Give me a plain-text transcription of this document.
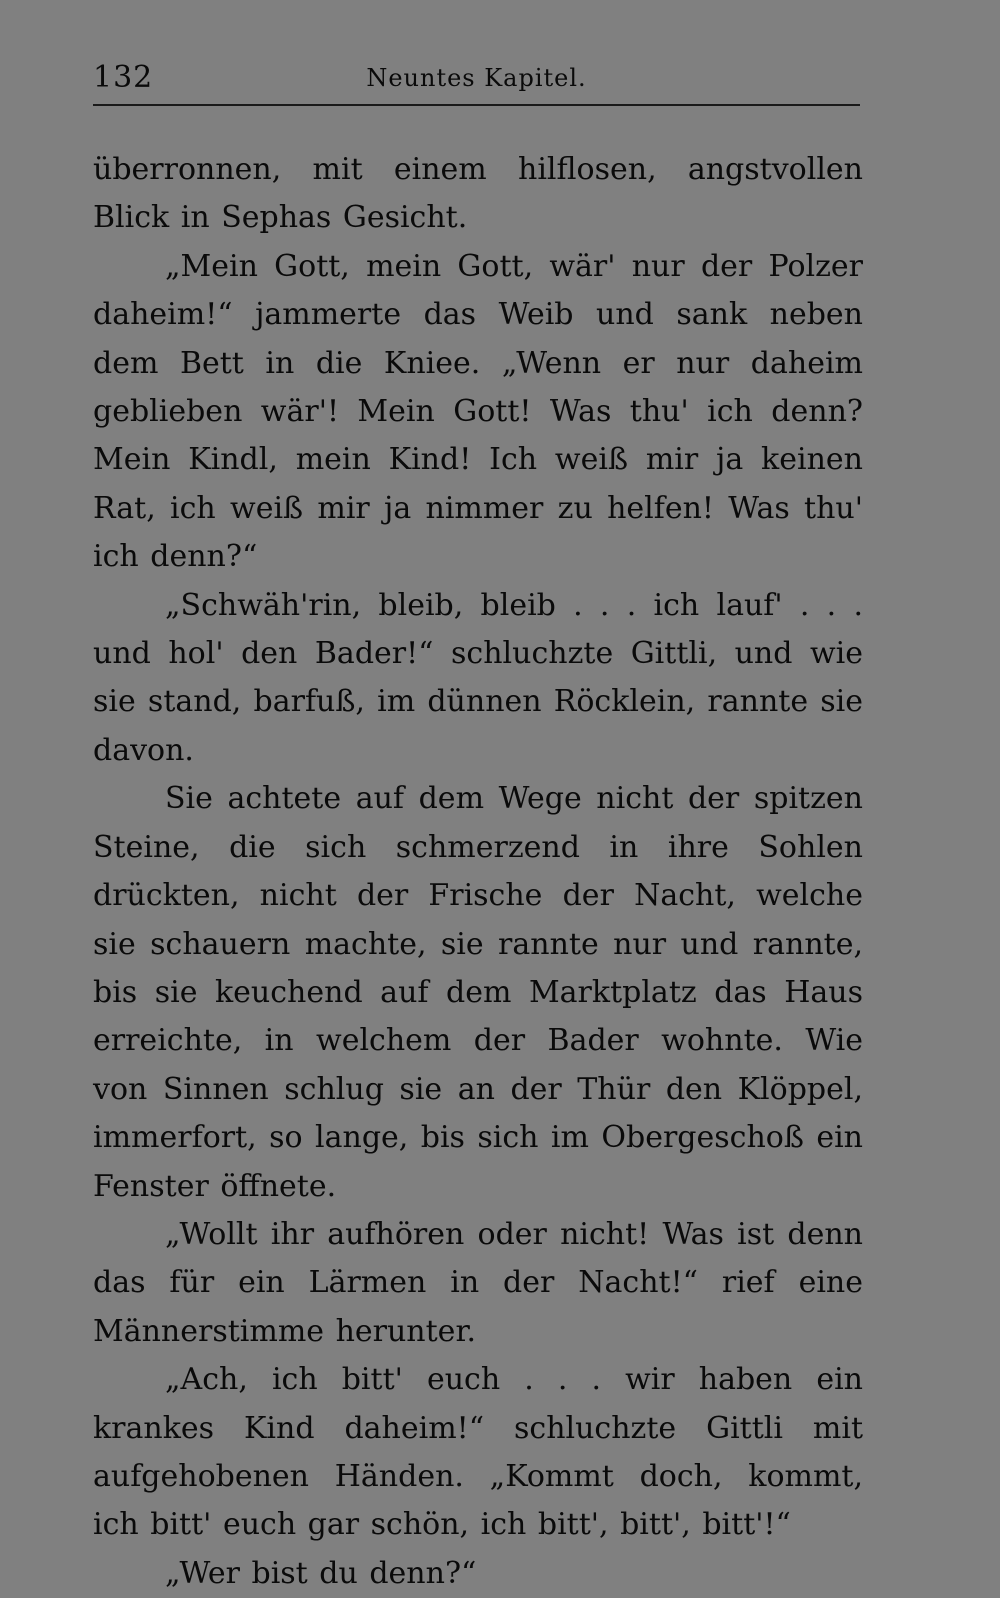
132	Neuntes Kapitel.

überronnen, mit einem hilflosen, angstvollen Blick in Sephas Gesicht.

„Mein Gott, mein Gott, wär' nur der Polzer daheim!“ jammerte das Weib und sank neben dem Bett in die Kniee. „Wenn er nur daheim geblieben wär'! Mein Gott! Was thu' ich denn? Mein Kindl, mein Kind! Ich weiß mir ja keinen Rat, ich weiß mir ja nimmer zu helfen! Was thu' ich denn?“

„Schwäh'rin, bleib, bleib . . . ich lauf' . . . und hol' den Bader!“ schluchzte Gittli, und wie sie stand, barfuß, im dünnen Röcklein, rannte sie davon.

Sie achtete auf dem Wege nicht der spitzen Steine, die sich schmerzend in ihre Sohlen drückten, nicht der Frische der Nacht, welche sie schauern machte, sie rannte nur und rannte, bis sie keuchend auf dem Marktplatz das Haus erreichte, in welchem der Bader wohnte. Wie von Sinnen schlug sie an der Thür den Klöppel, immerfort, so lange, bis sich im Obergeschoß ein Fenster öffnete.

„Wollt ihr aufhören oder nicht! Was ist denn das für ein Lärmen in der Nacht!“ rief eine Männerstimme herunter.

„Ach, ich bitt' euch . . . wir haben ein krankes Kind daheim!“ schluchzte Gittli mit aufgehobenen Händen. „Kommt doch, kommt, ich bitt' euch gar schön, ich bitt', bitt', bitt'!“

„Wer bist du denn?“
